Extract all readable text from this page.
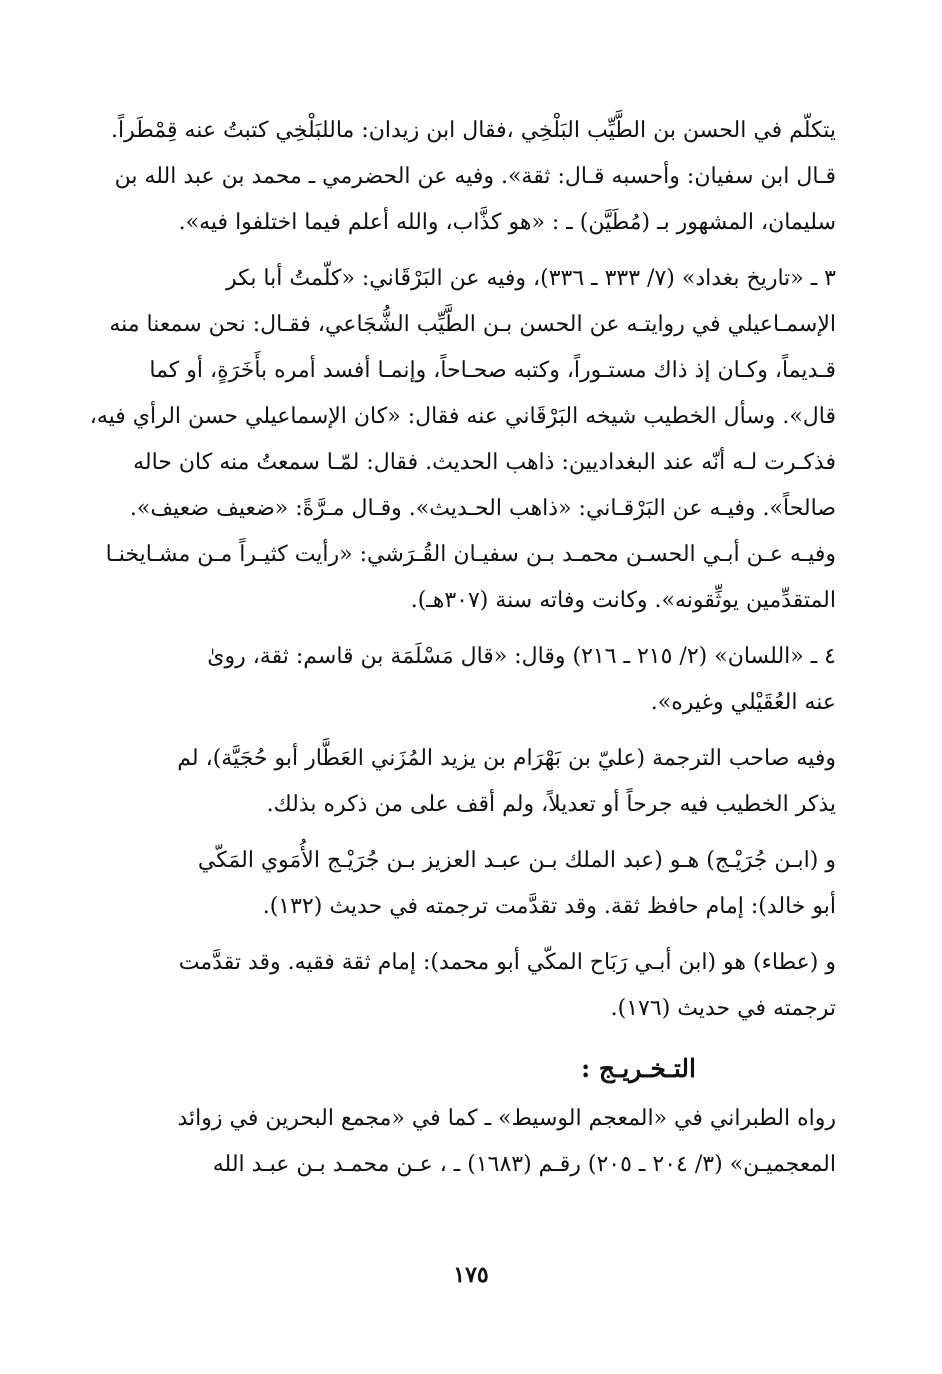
يتكلّم في الحسن بن الطَّيِّب البَلْخِي ،فقال ابن زيدان: ماللبَلْخِي كتبتُ عنه قِمْطَراً.
قـال ابن سفيان: وأحسبه قـال: ثقة». وفيه عن الحضرمي ـ محمد بن عبد الله بن
سليمان، المشهور بـ (مُطَيَّن) ـ : «هو كذَّاب، والله أعلم فيما اختلفوا فيه».

٣ ـ «تاريخ بغداد» (٧/ ٣٣٣ ـ ٣٣٦)، وفيه عن البَرْقَاني: «كلّمتُ أبا بكر
الإسمـاعيلي في روايتـه عن الحسن بـن الطَّيِّب الشُّجَاعي، فقـال: نحن سمعنا منه
قـديماً، وكـان إذ ذاك مستـوراً، وكتبه صحـاحاً، وإنمـا أفسد أمره بأَخَرَةٍ، أو كما
قال». وسأل الخطيب شيخه البَرْقَاني عنه فقال: «كان الإسماعيلي حسن الرأي فيه،
فذكـرت لـه أنّه عند البغداديين: ذاهب الحديث. فقال: لمّـا سمعتُ منه كان حاله
صالحاً». وفيـه عن البَرْقـاني: «ذاهب الحـديث». وقـال مـرَّةً: «ضعيف ضعيف».
وفيـه عـن أبـي الحسـن محمـد بـن سفيـان القُـرَشي: «رأيت كثيـراً مـن مشـايخنـا
المتقدِّمين يوثِّقونه». وكانت وفاته سنة (٣٠٧هـ).

٤ ـ «اللسان» (٢/ ٢١٥ ـ ٢١٦) وقال: «قال مَسْلَمَة بن قاسم: ثقة، روىٰ
عنه العُقَيْلي وغيره».

وفيه صاحب الترجمة (عليّ بن بَهْرَام بن يزيد المُزَني العَطَّار أبو حُجَيَّة)، لم
يذكر الخطيب فيه جرحاً أو تعديلاً، ولم أقف على من ذكره بذلك.

و (ابـن جُرَيْـج) هـو (عبد الملك بـن عبـد العزيز بـن جُرَيْـج الأُمَوي المَكّي
أبو خالد): إمام حافظ ثقة. وقد تقدَّمت ترجمته في حديث (١٣٢).

و (عطاء) هو (ابن أبـي رَبَاح المكّي أبو محمد): إمام ثقة فقيه. وقد تقدَّمت
ترجمته في حديث (١٧٦).

التـخـريـج :

رواه الطبراني في «المعجم الوسيط» ـ كما في «مجمع البحرين في زوائد
المعجميـن» (٣/ ٢٠٤ ـ ٢٠٥) رقـم (١٦٨٣) ـ ، عـن محمـد بـن عبـد الله

١٧٥
